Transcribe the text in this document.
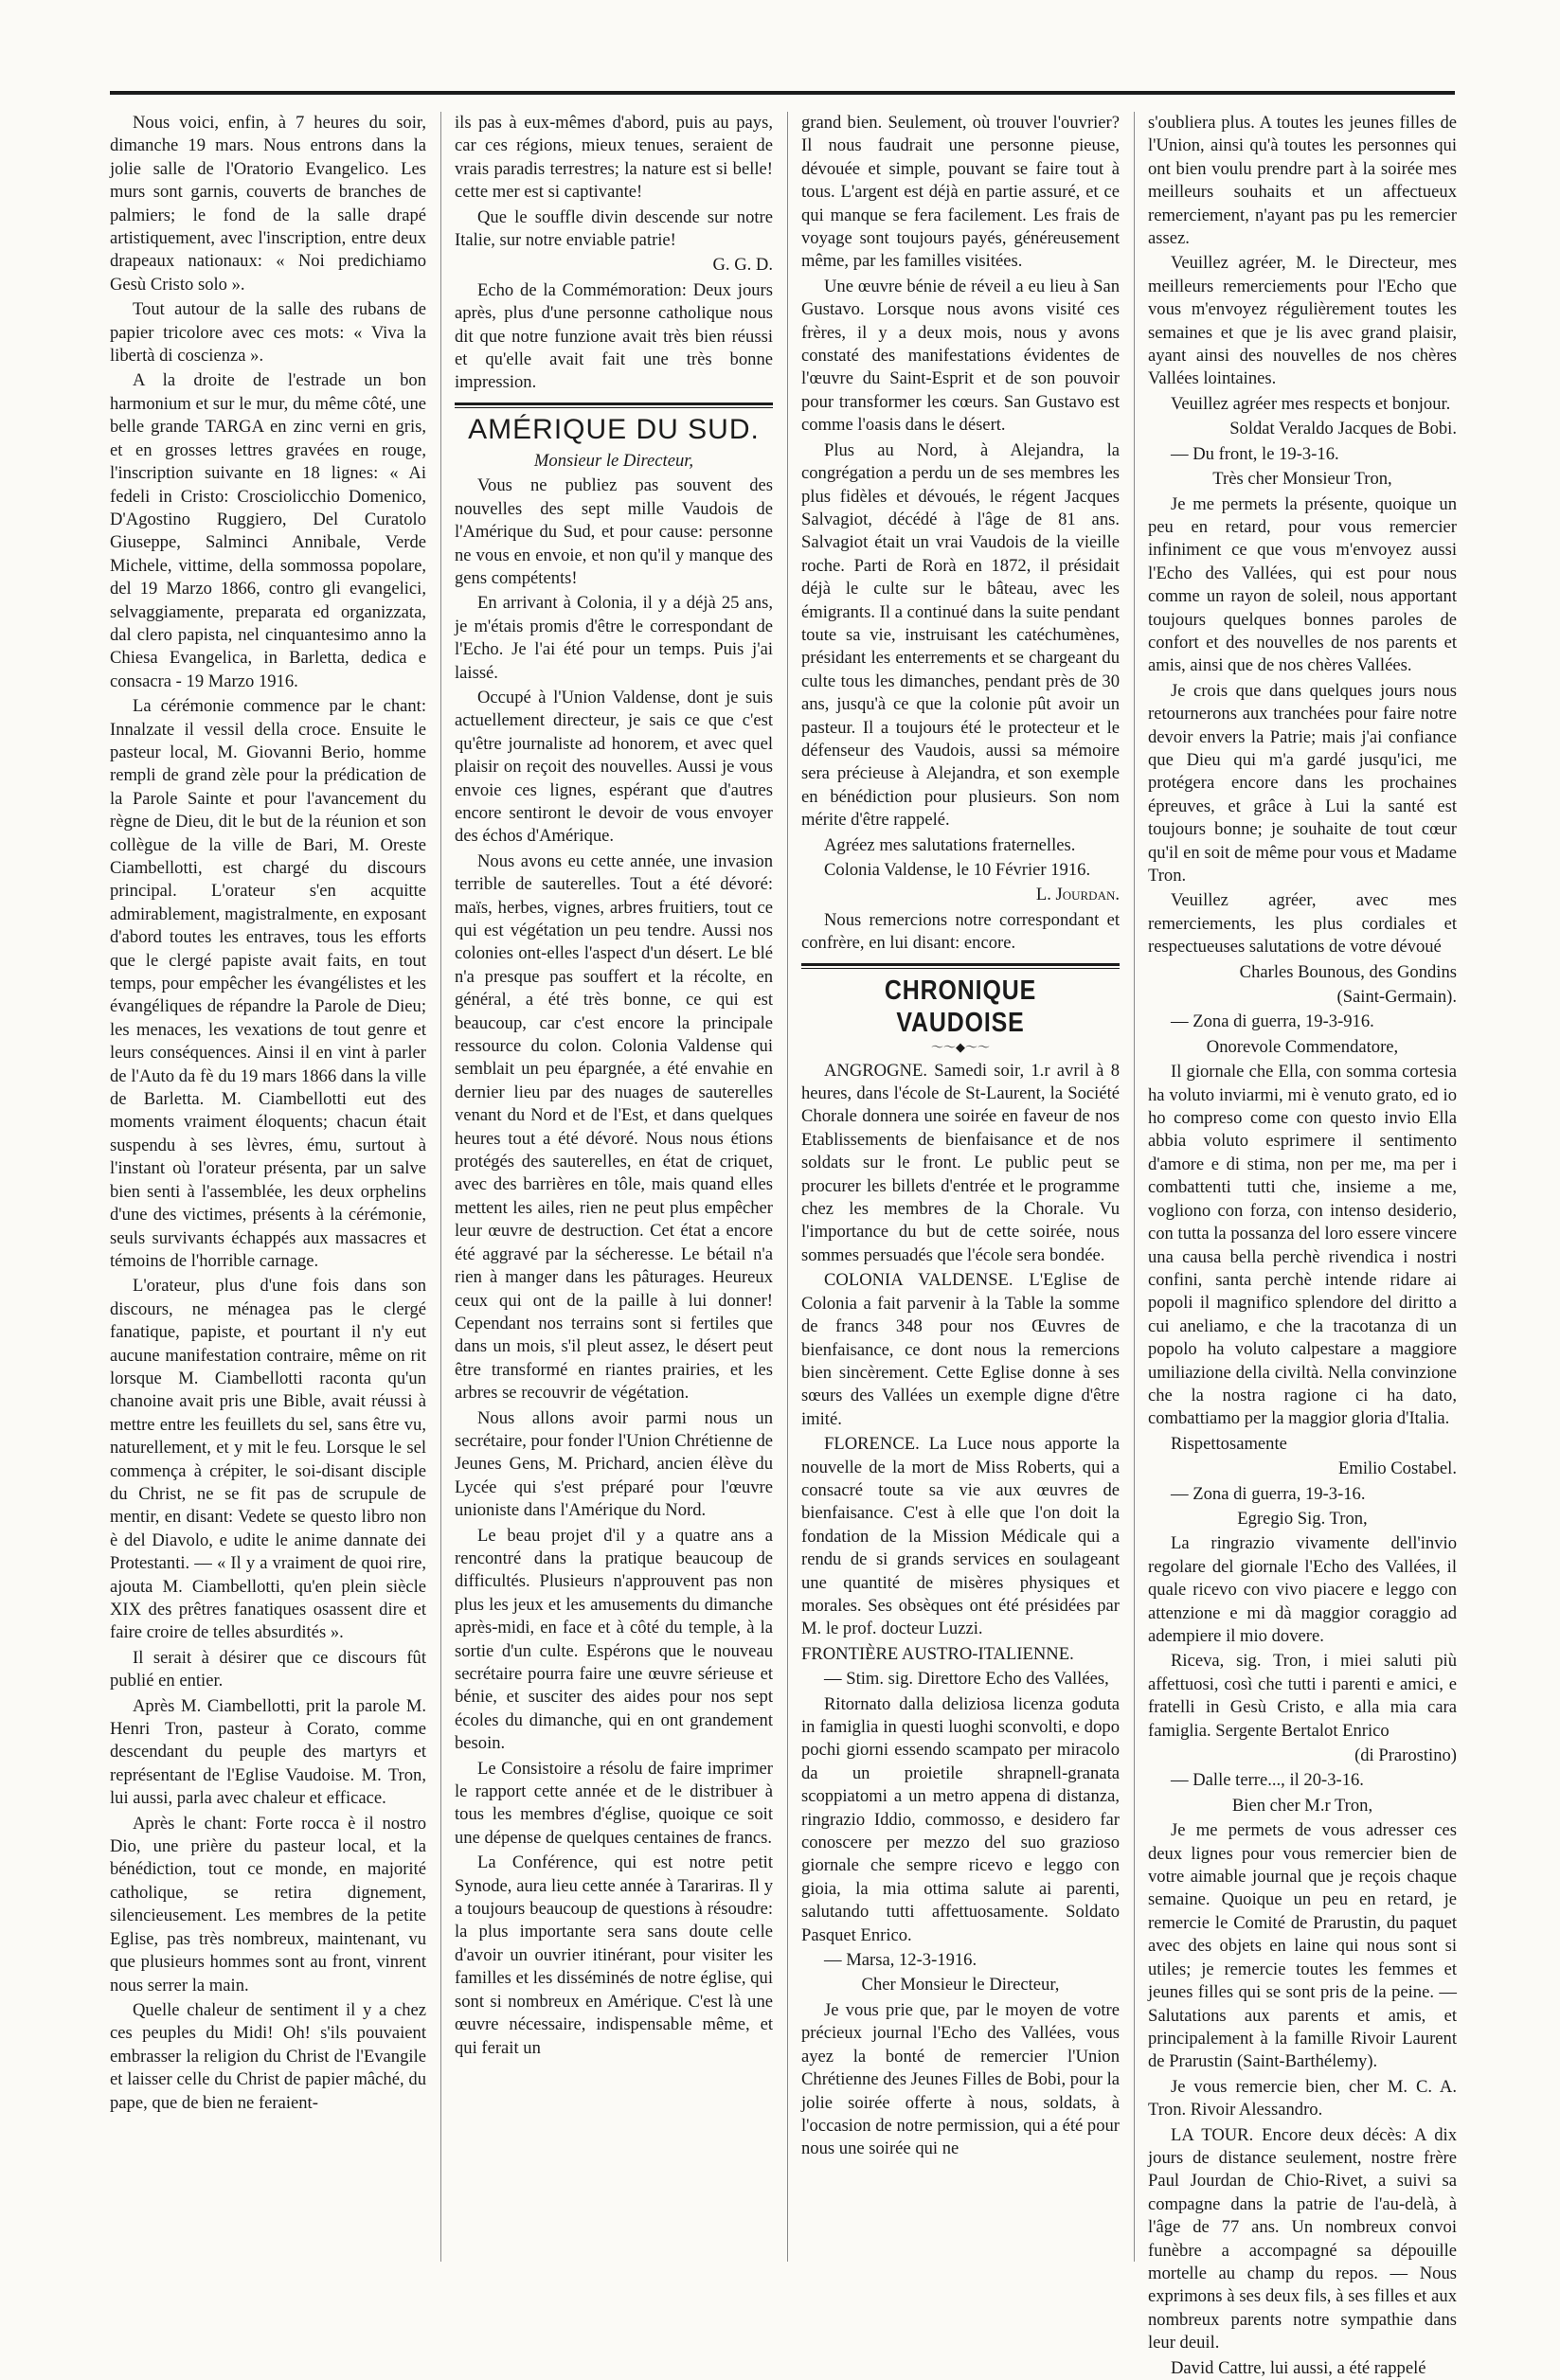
Nous voici, enfin, à 7 heures du soir, dimanche 19 mars. Nous entrons dans la jolie salle de l'Oratorio Evangelico. Les murs sont garnis, couverts de branches de palmiers; le fond de la salle drapé artistiquement, avec l'inscription, entre deux drapeaux nationaux: « Noi predichiamo Gesù Cristo solo ».

Tout autour de la salle des rubans de papier tricolore avec ces mots: « Viva la libertà di coscienza ».

A la droite de l'estrade un bon harmonium et sur le mur, du même côté, une belle grande TARGA en zinc verni en gris, et en grosses lettres gravées en rouge, l'inscription suivante en 18 lignes: « Ai fedeli in Cristo: Crosciolicchio Domenico, D'Agostino Ruggiero, Del Curatolo Giuseppe, Salminci Annibale, Verde Michele, vittime, della sommossa popolare, del 19 Marzo 1866, contro gli evangelici, selvaggiamente, preparata ed organizzata, dal clero papista, nel cinquantesimo anno la Chiesa Evangelica, in Barletta, dedica e consacra - 19 Marzo 1916.

La cérémonie commence par le chant: Innalzate il vessil della croce. Ensuite le pasteur local, M. Giovanni Berio, homme rempli de grand zèle pour la prédication de la Parole Sainte et pour l'avancement du règne de Dieu, dit le but de la réunion et son collègue de la ville de Bari, M. Oreste Ciambellotti, est chargé du discours principal. L'orateur s'en acquitte admirablement, magistralmente, en exposant d'abord toutes les entraves, tous les efforts que le clergé papiste avait faits, en tout temps, pour empêcher les évangélistes et les évangéliques de répandre la Parole de Dieu; les menaces, les vexations de tout genre et leurs conséquences. Ainsi il en vint à parler de l'Auto da fè du 19 mars 1866 dans la ville de Barletta. M. Ciambellotti eut des moments vraiment éloquents; chacun était suspendu à ses lèvres, ému, surtout à l'instant où l'orateur présenta, par un salve bien senti à l'assemblée, les deux orphelins d'une des victimes, présents à la cérémonie, seuls survivants échappés aux massacres et témoins de l'horrible carnage.

L'orateur, plus d'une fois dans son discours, ne ménagea pas le clergé fanatique, papiste, et pourtant il n'y eut aucune manifestation contraire, même on rit lorsque M. Ciambellotti raconta qu'un chanoine avait pris une Bible, avait réussi à mettre entre les feuillets du sel, sans être vu, naturellement, et y mit le feu. Lorsque le sel commença à crépiter, le soi-disant disciple du Christ, ne se fit pas de scrupule de mentir, en disant: Vedete se questo libro non è del Diavolo, e udite le anime dannate dei Protestanti. — « Il y a vraiment de quoi rire, ajouta M. Ciambellotti, qu'en plein siècle XIX des prêtres fanatiques osassent dire et faire croire de telles absurdités ».

Il serait à désirer que ce discours fût publié en entier.

Après M. Ciambellotti, prit la parole M. Henri Tron, pasteur à Corato, comme descendant du peuple des martyrs et représentant de l'Eglise Vaudoise. M. Tron, lui aussi, parla avec chaleur et efficace.

Après le chant: Forte rocca è il nostro Dio, une prière du pasteur local, et la bénédiction, tout ce monde, en majorité catholique, se retira dignement, silencieusement. Les membres de la petite Eglise, pas très nombreux, maintenant, vu que plusieurs hommes sont au front, vinrent nous serrer la main.

Quelle chaleur de sentiment il y a chez ces peuples du Midi! Oh! s'ils pouvaient embrasser la religion du Christ de l'Evangile et laisser celle du Christ de papier mâché, du pape, que de bien ne feraient-

ils pas à eux-mêmes d'abord, puis au pays, car ces régions, mieux tenues, seraient de vrais paradis terrestres; la nature est si belle! cette mer est si captivante!

Que le souffle divin descende sur notre Italie, sur notre enviable patrie!

G. G. D.

Echo de la Commémoration: Deux jours après, plus d'une personne catholique nous dit que notre funzione avait très bien réussi et qu'elle avait fait une très bonne impression.

AMÉRIQUE DU SUD.

Monsieur le Directeur,

Vous ne publiez pas souvent des nouvelles des sept mille Vaudois de l'Amérique du Sud, et pour cause: personne ne vous en envoie, et non qu'il y manque des gens compétents!

En arrivant à Colonia, il y a déjà 25 ans, je m'étais promis d'être le correspondant de l'Echo. Je l'ai été pour un temps. Puis j'ai laissé.

Occupé à l'Union Valdense, dont je suis actuellement directeur, je sais ce que c'est qu'être journaliste ad honorem, et avec quel plaisir on reçoit des nouvelles. Aussi je vous envoie ces lignes, espérant que d'autres encore sentiront le devoir de vous envoyer des échos d'Amérique.

Nous avons eu cette année, une invasion terrible de sauterelles. Tout a été dévoré: maïs, herbes, vignes, arbres fruitiers, tout ce qui est végétation un peu tendre. Aussi nos colonies ont-elles l'aspect d'un désert. Le blé n'a presque pas souffert et la récolte, en général, a été très bonne, ce qui est beaucoup, car c'est encore la principale ressource du colon. Colonia Valdense qui semblait un peu épargnée, a été envahie en dernier lieu par des nuages de sauterelles venant du Nord et de l'Est, et dans quelques heures tout a été dévoré. Nous nous étions protégés des sauterelles, en état de criquet, avec des barrières en tôle, mais quand elles mettent les ailes, rien ne peut plus empêcher leur œuvre de destruction. Cet état a encore été aggravé par la sécheresse. Le bétail n'a rien à manger dans les pâturages. Heureux ceux qui ont de la paille à lui donner! Cependant nos terrains sont si fertiles que dans un mois, s'il pleut assez, le désert peut être transformé en riantes prairies, et les arbres se recouvrir de végétation.

Nous allons avoir parmi nous un secrétaire, pour fonder l'Union Chrétienne de Jeunes Gens, M. Prichard, ancien élève du Lycée qui s'est préparé pour l'œuvre unioniste dans l'Amérique du Nord.

Le beau projet d'il y a quatre ans a rencontré dans la pratique beaucoup de difficultés. Plusieurs n'approuvent pas non plus les jeux et les amusements du dimanche après-midi, en face et à côté du temple, à la sortie d'un culte. Espérons que le nouveau secrétaire pourra faire une œuvre sérieuse et bénie, et susciter des aides pour nos sept écoles du dimanche, qui en ont grandement besoin.

Le Consistoire a résolu de faire imprimer le rapport cette année et de le distribuer à tous les membres d'église, quoique ce soit une dépense de quelques centaines de francs.

La Conférence, qui est notre petit Synode, aura lieu cette année à Tarariras. Il y a toujours beaucoup de questions à résoudre: la plus importante sera sans doute celle d'avoir un ouvrier itinérant, pour visiter les familles et les disséminés de notre église, qui sont si nombreux en Amérique. C'est là une œuvre nécessaire, indispensable même, et qui ferait un

grand bien. Seulement, où trouver l'ouvrier? Il nous faudrait une personne pieuse, dévouée et simple, pouvant se faire tout à tous. L'argent est déjà en partie assuré, et ce qui manque se fera facilement. Les frais de voyage sont toujours payés, généreusement même, par les familles visitées.

Une œuvre bénie de réveil a eu lieu à San Gustavo. Lorsque nous avons visité ces frères, il y a deux mois, nous y avons constaté des manifestations évidentes de l'œuvre du Saint-Esprit et de son pouvoir pour transformer les cœurs. San Gustavo est comme l'oasis dans le désert.

Plus au Nord, à Alejandra, la congrégation a perdu un de ses membres les plus fidèles et dévoués, le régent Jacques Salvagiot, décédé à l'âge de 81 ans. Salvagiot était un vrai Vaudois de la vieille roche. Parti de Rorà en 1872, il présidait déjà le culte sur le bâteau, avec les émigrants. Il a continué dans la suite pendant toute sa vie, instruisant les catéchumènes, présidant les enterrements et se chargeant du culte tous les dimanches, pendant près de 30 ans, jusqu'à ce que la colonie pût avoir un pasteur. Il a toujours été le protecteur et le défenseur des Vaudois, aussi sa mémoire sera précieuse à Alejandra, et son exemple en bénédiction pour plusieurs. Son nom mérite d'être rappelé.

Agréez mes salutations fraternelles.

Colonia Valdense, le 10 Février 1916.

L. Jourdan.

Nous remercions notre correspondant et confrère, en lui disant: encore.

CHRONIQUE VAUDOISE
〜〜◆〜〜

ANGROGNE. Samedi soir, 1.r avril à 8 heures, dans l'école de St-Laurent, la Société Chorale donnera une soirée en faveur de nos Etablissements de bienfaisance et de nos soldats sur le front. Le public peut se procurer les billets d'entrée et le programme chez les membres de la Chorale. Vu l'importance du but de cette soirée, nous sommes persuadés que l'école sera bondée.

COLONIA VALDENSE. L'Eglise de Colonia a fait parvenir à la Table la somme de francs 348 pour nos Œuvres de bienfaisance, ce dont nous la remercions bien sincèrement. Cette Eglise donne à ses sœurs des Vallées un exemple digne d'être imité.

FLORENCE. La Luce nous apporte la nouvelle de la mort de Miss Roberts, qui a consacré toute sa vie aux œuvres de bienfaisance. C'est à elle que l'on doit la fondation de la Mission Médicale qui a rendu de si grands services en soulageant une quantité de misères physiques et morales. Ses obsèques ont été présidées par M. le prof. docteur Luzzi.

FRONTIÈRE AUSTRO-ITALIENNE.

— Stim. sig. Direttore Echo des Vallées,

Ritornato dalla deliziosa licenza goduta in famiglia in questi luoghi sconvolti, e dopo pochi giorni essendo scampato per miracolo da un proietile shrapnell-granata scoppiatomi a un metro appena di distanza, ringrazio Iddio, commosso, e desidero far conoscere per mezzo del suo grazioso giornale che sempre ricevo e leggo con gioia, la mia ottima salute ai parenti, salutando tutti affettuosamente. Soldato Pasquet Enrico.

— Marsa, 12-3-1916.

Cher Monsieur le Directeur,

Je vous prie que, par le moyen de votre précieux journal l'Echo des Vallées, vous ayez la bonté de remercier l'Union Chrétienne des Jeunes Filles de Bobi, pour la jolie soirée offerte à nous, soldats, à l'occasion de notre permission, qui a été pour nous une soirée qui ne

s'oubliera plus. A toutes les jeunes filles de l'Union, ainsi qu'à toutes les personnes qui ont bien voulu prendre part à la soirée mes meilleurs souhaits et un affectueux remerciement, n'ayant pas pu les remercier assez.

Veuillez agréer, M. le Directeur, mes meilleurs remerciements pour l'Echo que vous m'envoyez régulièrement toutes les semaines et que je lis avec grand plaisir, ayant ainsi des nouvelles de nos chères Vallées lointaines.

Veuillez agréer mes respects et bonjour.

Soldat Veraldo Jacques de Bobi.

— Du front, le 19-3-16.

Très cher Monsieur Tron,

Je me permets la présente, quoique un peu en retard, pour vous remercier infiniment ce que vous m'envoyez aussi l'Echo des Vallées, qui est pour nous comme un rayon de soleil, nous apportant toujours quelques bonnes paroles de confort et des nouvelles de nos parents et amis, ainsi que de nos chères Vallées.

Je crois que dans quelques jours nous retournerons aux tranchées pour faire notre devoir envers la Patrie; mais j'ai confiance que Dieu qui m'a gardé jusqu'ici, me protégera encore dans les prochaines épreuves, et grâce à Lui la santé est toujours bonne; je souhaite de tout cœur qu'il en soit de même pour vous et Madame Tron.

Veuillez agréer, avec mes remerciements, les plus cordiales et respectueuses salutations de votre dévoué

Charles Bounous, des Gondins

(Saint-Germain).

— Zona di guerra, 19-3-916.

Onorevole Commendatore,

Il giornale che Ella, con somma cortesia ha voluto inviarmi, mi è venuto grato, ed io ho compreso come con questo invio Ella abbia voluto esprimere il sentimento d'amore e di stima, non per me, ma per i combattenti tutti che, insieme a me, vogliono con forza, con intenso desiderio, con tutta la possanza del loro essere vincere una causa bella perchè rivendica i nostri confini, santa perchè intende ridare ai popoli il magnifico splendore del diritto a cui aneliamo, e che la tracotanza di un popolo ha voluto calpestare a maggiore umiliazione della civiltà. Nella convinzione che la nostra ragione ci ha dato, combattiamo per la maggior gloria d'Italia.

Rispettosamente

Emilio Costabel.

— Zona di guerra, 19-3-16.

Egregio Sig. Tron,

La ringrazio vivamente dell'invio regolare del giornale l'Echo des Vallées, il quale ricevo con vivo piacere e leggo con attenzione e mi dà maggior coraggio ad adempiere il mio dovere.

Riceva, sig. Tron, i miei saluti più affettuosi, così che tutti i parenti e amici, e fratelli in Gesù Cristo, e alla mia cara famiglia. Sergente Bertalot Enrico

(di Prarostino)

— Dalle terre..., il 20-3-16.

Bien cher M.r Tron,

Je me permets de vous adresser ces deux lignes pour vous remercier bien de votre aimable journal que je reçois chaque semaine. Quoique un peu en retard, je remercie le Comité de Prarustin, du paquet avec des objets en laine qui nous sont si utiles; je remercie toutes les femmes et jeunes filles qui se sont pris de la peine. — Salutations aux parents et amis, et principalement à la famille Rivoir Laurent de Prarustin (Saint-Barthélemy).

Je vous remercie bien, cher M. C. A. Tron. Rivoir Alessandro.

LA TOUR. Encore deux décès: A dix jours de distance seulement, nostre frère Paul Jourdan de Chio-Rivet, a suivi sa compagne dans la patrie de l'au-delà, à l'âge de 77 ans. Un nombreux convoi funèbre a accompagné sa dépouille mortelle au champ du repos. — Nous exprimons à ses deux fils, à ses filles et aux nombreux parents notre sympathie dans leur deuil.

David Cattre, lui aussi, a été rappelé
